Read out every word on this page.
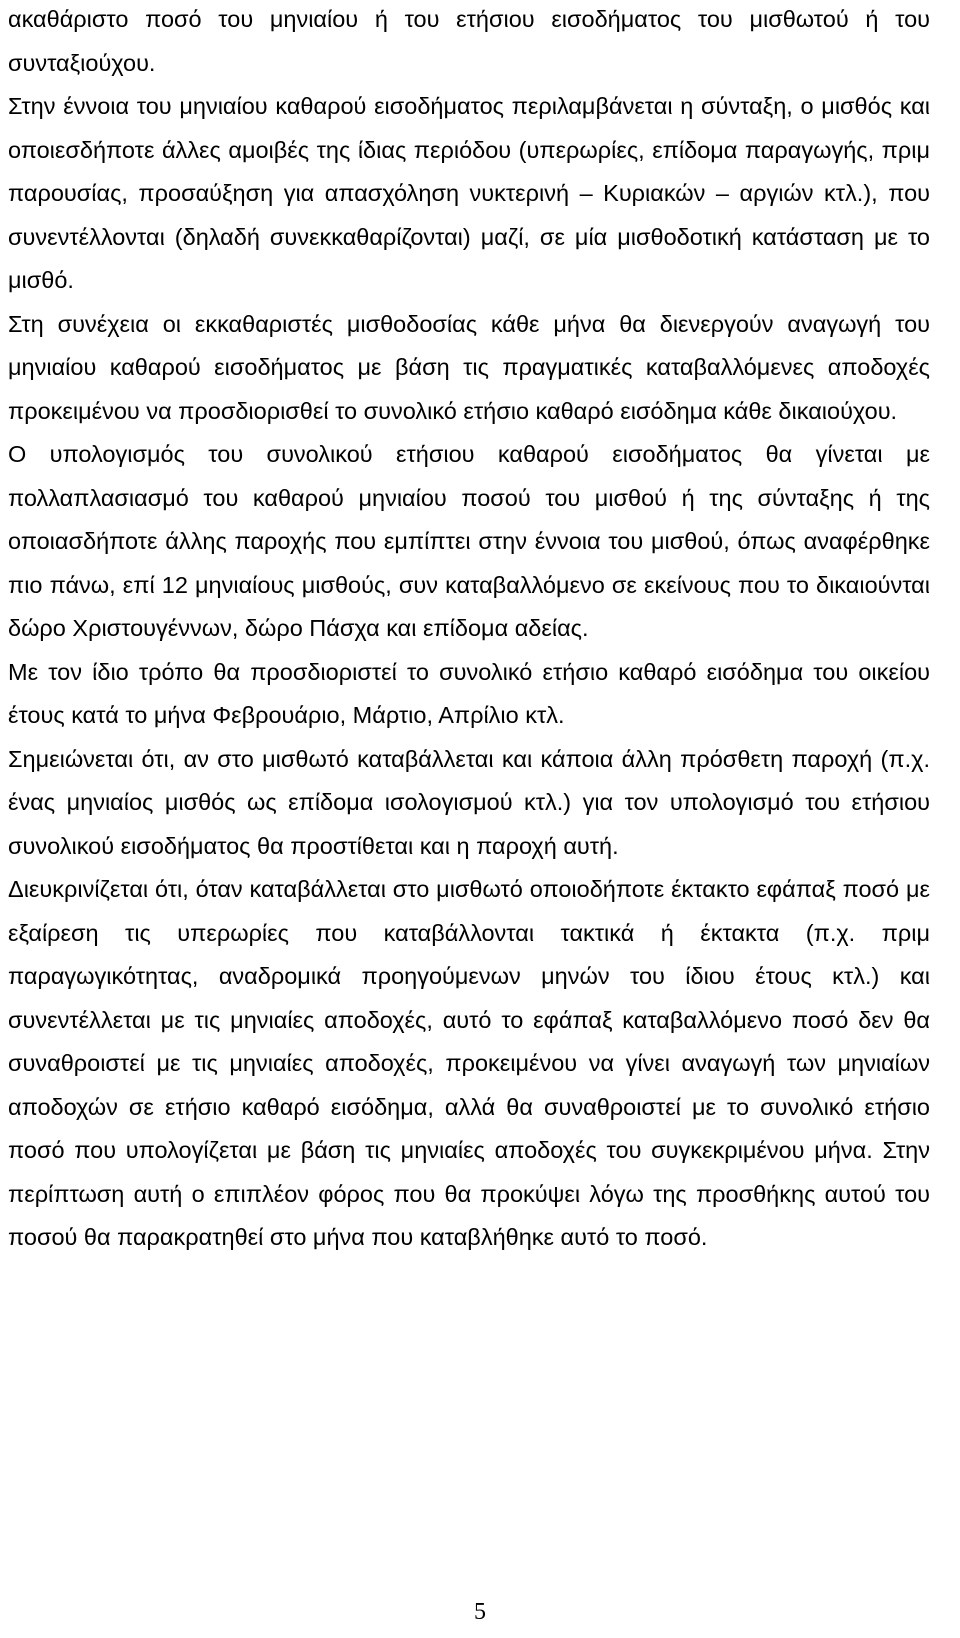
ακαθάριστο ποσό του μηνιαίου ή του ετήσιου εισοδήματος του μισθωτού ή του συνταξιούχου.

Στην έννοια του μηνιαίου καθαρού εισοδήματος περιλαμβάνεται η σύνταξη, ο μισθός και οποιεσδήποτε άλλες αμοιβές της ίδιας περιόδου (υπερωρίες, επίδομα παραγωγής, πριμ παρουσίας, προσαύξηση για απασχόληση νυκτερινή – Κυριακών – αργιών κτλ.), που συνεντέλλονται (δηλαδή συνεκκαθαρίζονται) μαζί, σε μία μισθοδοτική κατάσταση με το μισθό.

Στη συνέχεια οι εκκαθαριστές μισθοδοσίας κάθε μήνα θα διενεργούν αναγωγή του μηνιαίου καθαρού εισοδήματος με βάση τις πραγματικές καταβαλλόμενες αποδοχές προκειμένου να προσδιορισθεί το συνολικό ετήσιο καθαρό εισόδημα κάθε δικαιούχου.

Ο υπολογισμός του συνολικού ετήσιου καθαρού εισοδήματος θα γίνεται με πολλαπλασιασμό του καθαρού μηνιαίου ποσού του μισθού ή της σύνταξης ή της οποιασδήποτε άλλης παροχής που εμπίπτει στην έννοια του μισθού, όπως αναφέρθηκε πιο πάνω, επί 12 μηνιαίους μισθούς, συν καταβαλλόμενο σε εκείνους που το δικαιούνται δώρο Χριστουγέννων, δώρο Πάσχα και επίδομα αδείας.

Με τον ίδιο τρόπο θα προσδιοριστεί το συνολικό ετήσιο καθαρό εισόδημα του οικείου έτους κατά το μήνα Φεβρουάριο, Μάρτιο, Απρίλιο κτλ.

Σημειώνεται ότι, αν στο μισθωτό καταβάλλεται και κάποια άλλη πρόσθετη παροχή (π.χ. ένας μηνιαίος μισθός ως επίδομα ισολογισμού κτλ.) για τον υπολογισμό του ετήσιου συνολικού εισοδήματος θα προστίθεται και η παροχή αυτή.

Διευκρινίζεται ότι, όταν καταβάλλεται στο μισθωτό οποιοδήποτε έκτακτο εφάπαξ ποσό με εξαίρεση τις υπερωρίες που καταβάλλονται τακτικά ή έκτακτα (π.χ. πριμ παραγωγικότητας, αναδρομικά προηγούμενων μηνών του ίδιου έτους κτλ.) και συνεντέλλεται με τις μηνιαίες αποδοχές, αυτό το εφάπαξ καταβαλλόμενο ποσό δεν θα συναθροιστεί με τις μηνιαίες αποδοχές, προκειμένου να γίνει αναγωγή των μηνιαίων αποδοχών σε ετήσιο καθαρό εισόδημα, αλλά θα συναθροιστεί με το συνολικό ετήσιο ποσό που υπολογίζεται με βάση τις μηνιαίες αποδοχές του συγκεκριμένου μήνα. Στην περίπτωση αυτή ο επιπλέον φόρος που θα προκύψει λόγω της προσθήκης αυτού του ποσού θα παρακρατηθεί στο μήνα που καταβλήθηκε αυτό το ποσό.

5
